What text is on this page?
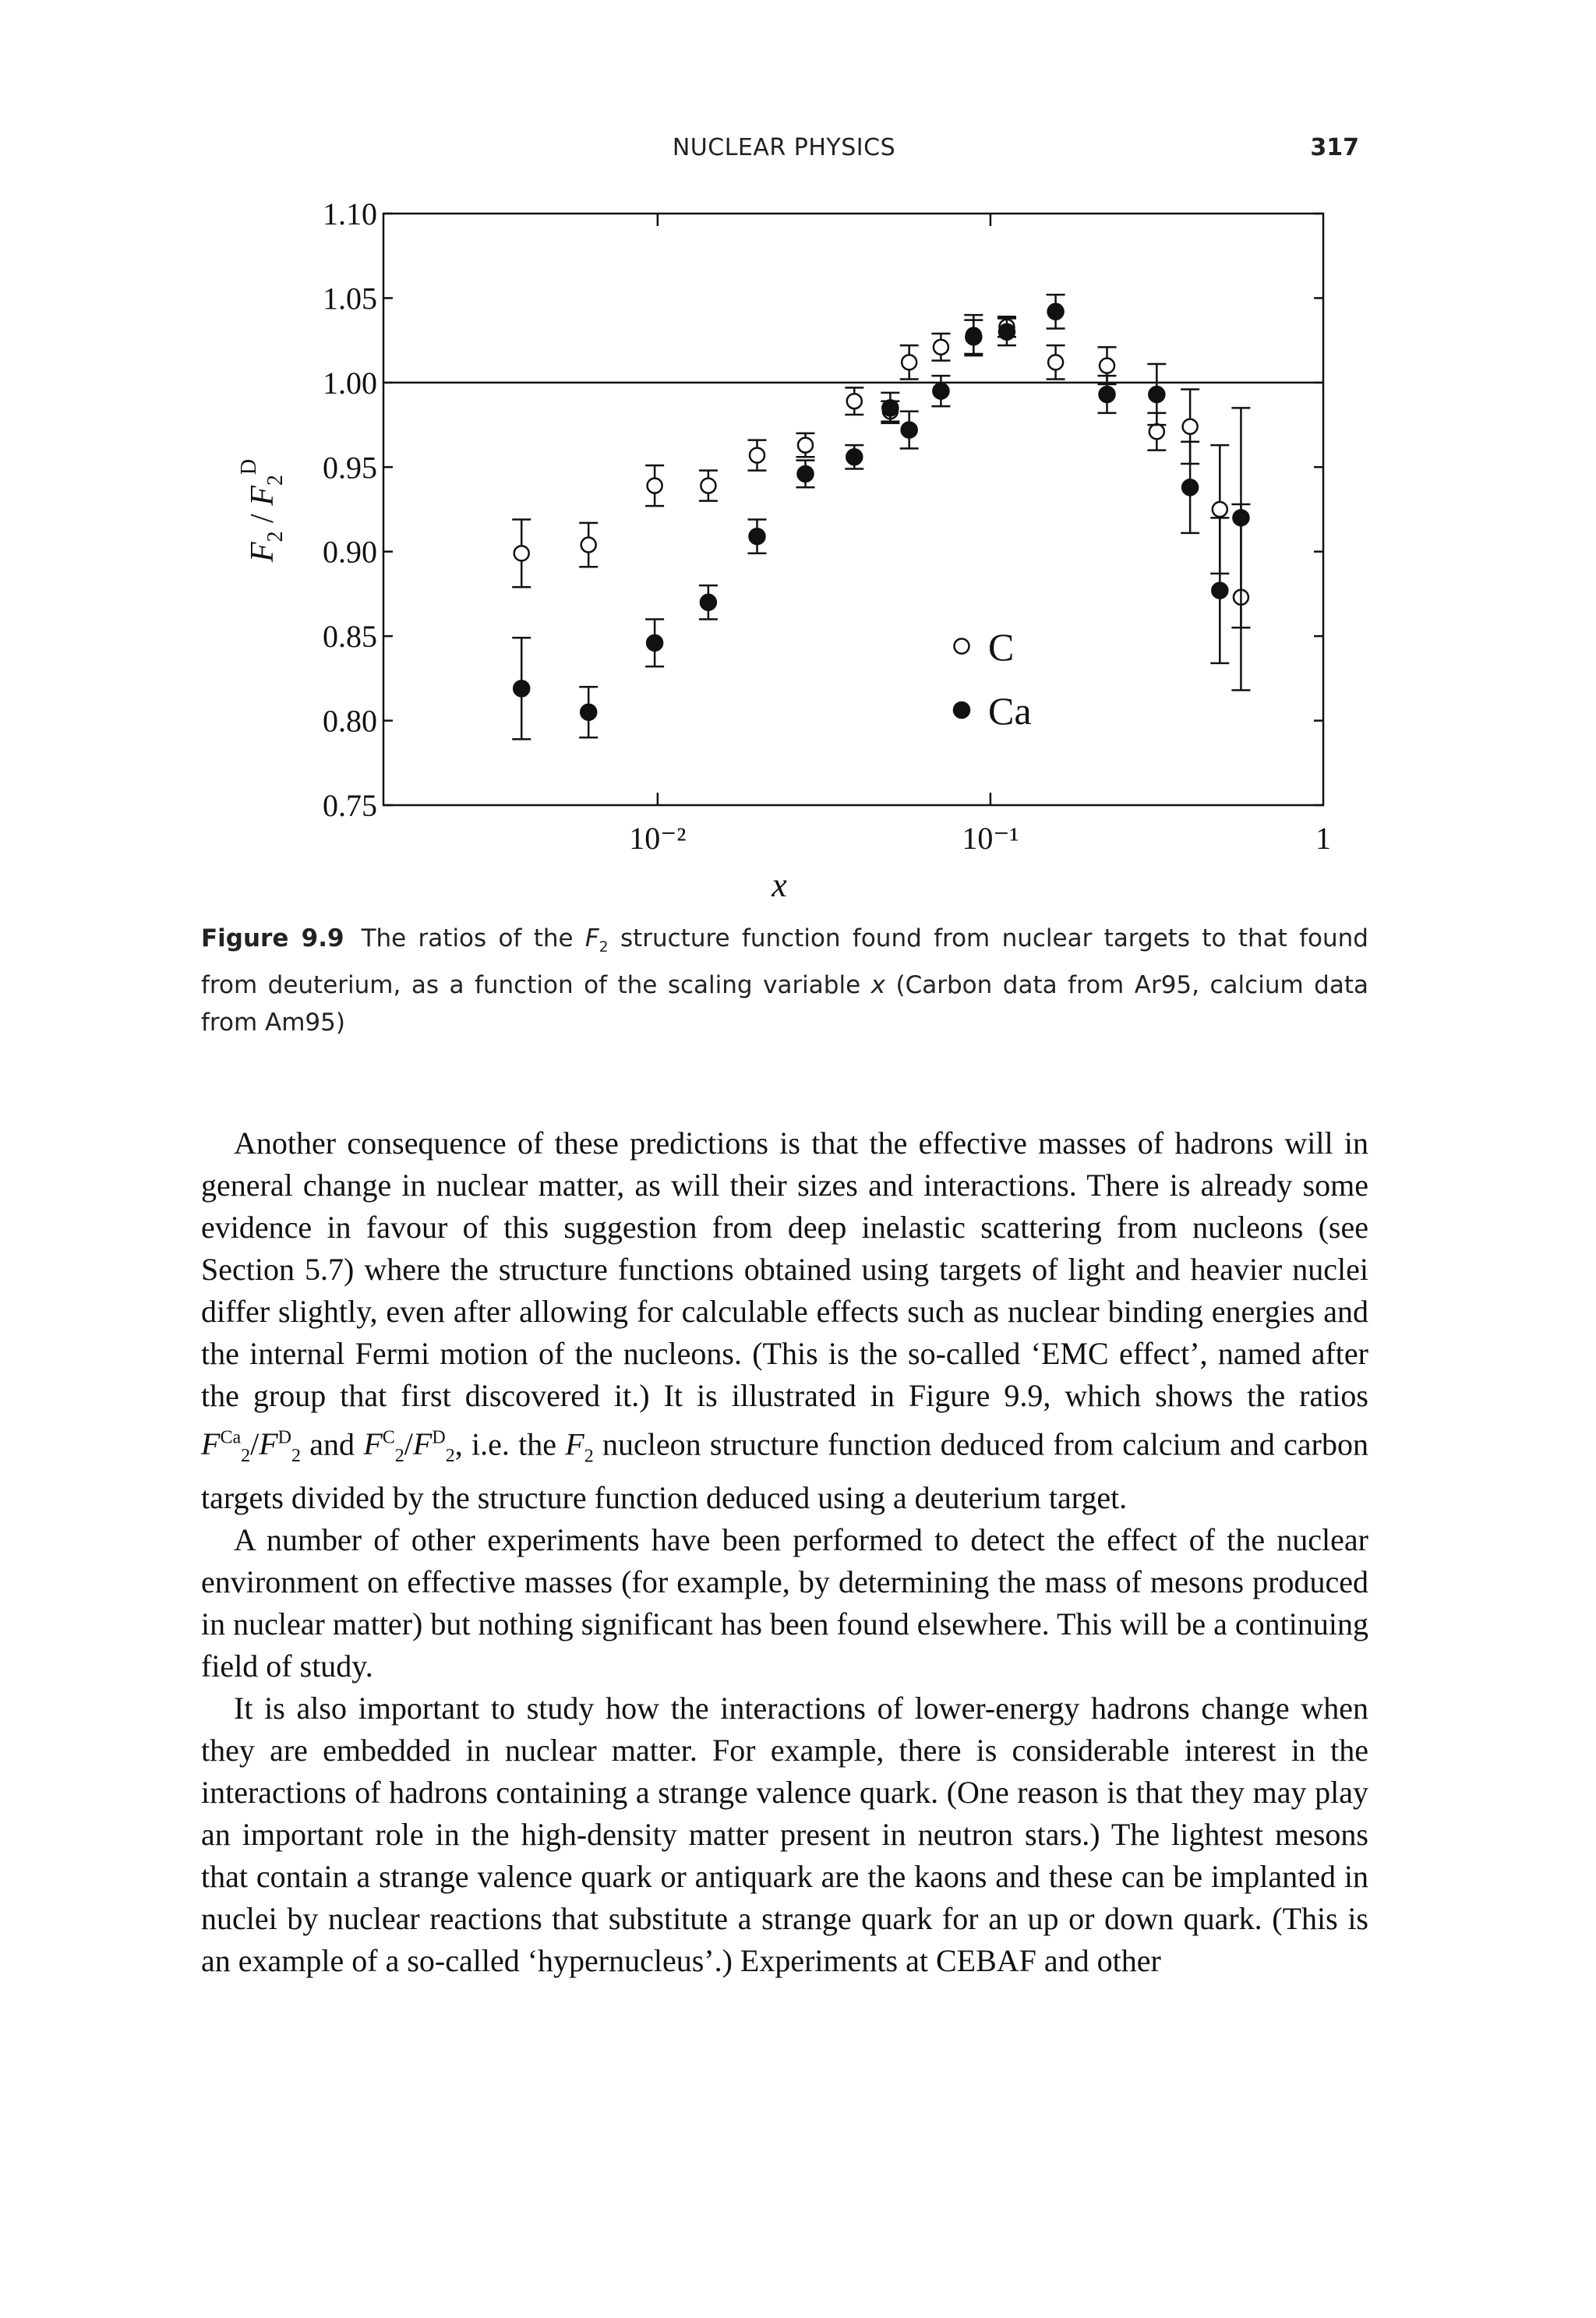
NUCLEAR PHYSICS	317
0.75
0.80
0.85
0.90
0.95
1.00
1.05
1.10
$F_2 / F_2^D$
10⁻²	10⁻¹	1
x
C
Ca
Figure 9.9 The ratios of the $F_2$ structure function found from nuclear targets to that found from deuterium, as a function of the scaling variable x (Carbon data from Ar95, calcium data from Am95)

Another consequence of these predictions is that the effective masses of hadrons will in general change in nuclear matter, as will their sizes and interactions. There is already some evidence in favour of this suggestion from deep inelastic scattering from nucleons (see Section 5.7) where the structure functions obtained using targets of light and heavier nuclei differ slightly, even after allowing for calculable effects such as nuclear binding energies and the internal Fermi motion of the nucleons. (This is the so-called ‘EMC effect’, named after the group that first discovered it.) It is illustrated in Figure 9.9, which shows the ratios $F^{Ca}_2/F^D_2$ and $F^C_2/F^D_2$, i.e. the $F_2$ nucleon structure function deduced from calcium and carbon targets divided by the structure function deduced using a deuterium target.

A number of other experiments have been performed to detect the effect of the nuclear environment on effective masses (for example, by determining the mass of mesons produced in nuclear matter) but nothing significant has been found elsewhere. This will be a continuing field of study.

It is also important to study how the interactions of lower-energy hadrons change when they are embedded in nuclear matter. For example, there is considerable interest in the interactions of hadrons containing a strange valence quark. (One reason is that they may play an important role in the high-density matter present in neutron stars.) The lightest mesons that contain a strange valence quark or antiquark are the kaons and these can be implanted in nuclei by nuclear reactions that substitute a strange quark for an up or down quark. (This is an example of a so-called ‘hypernucleus’.) Experiments at CEBAF and other
